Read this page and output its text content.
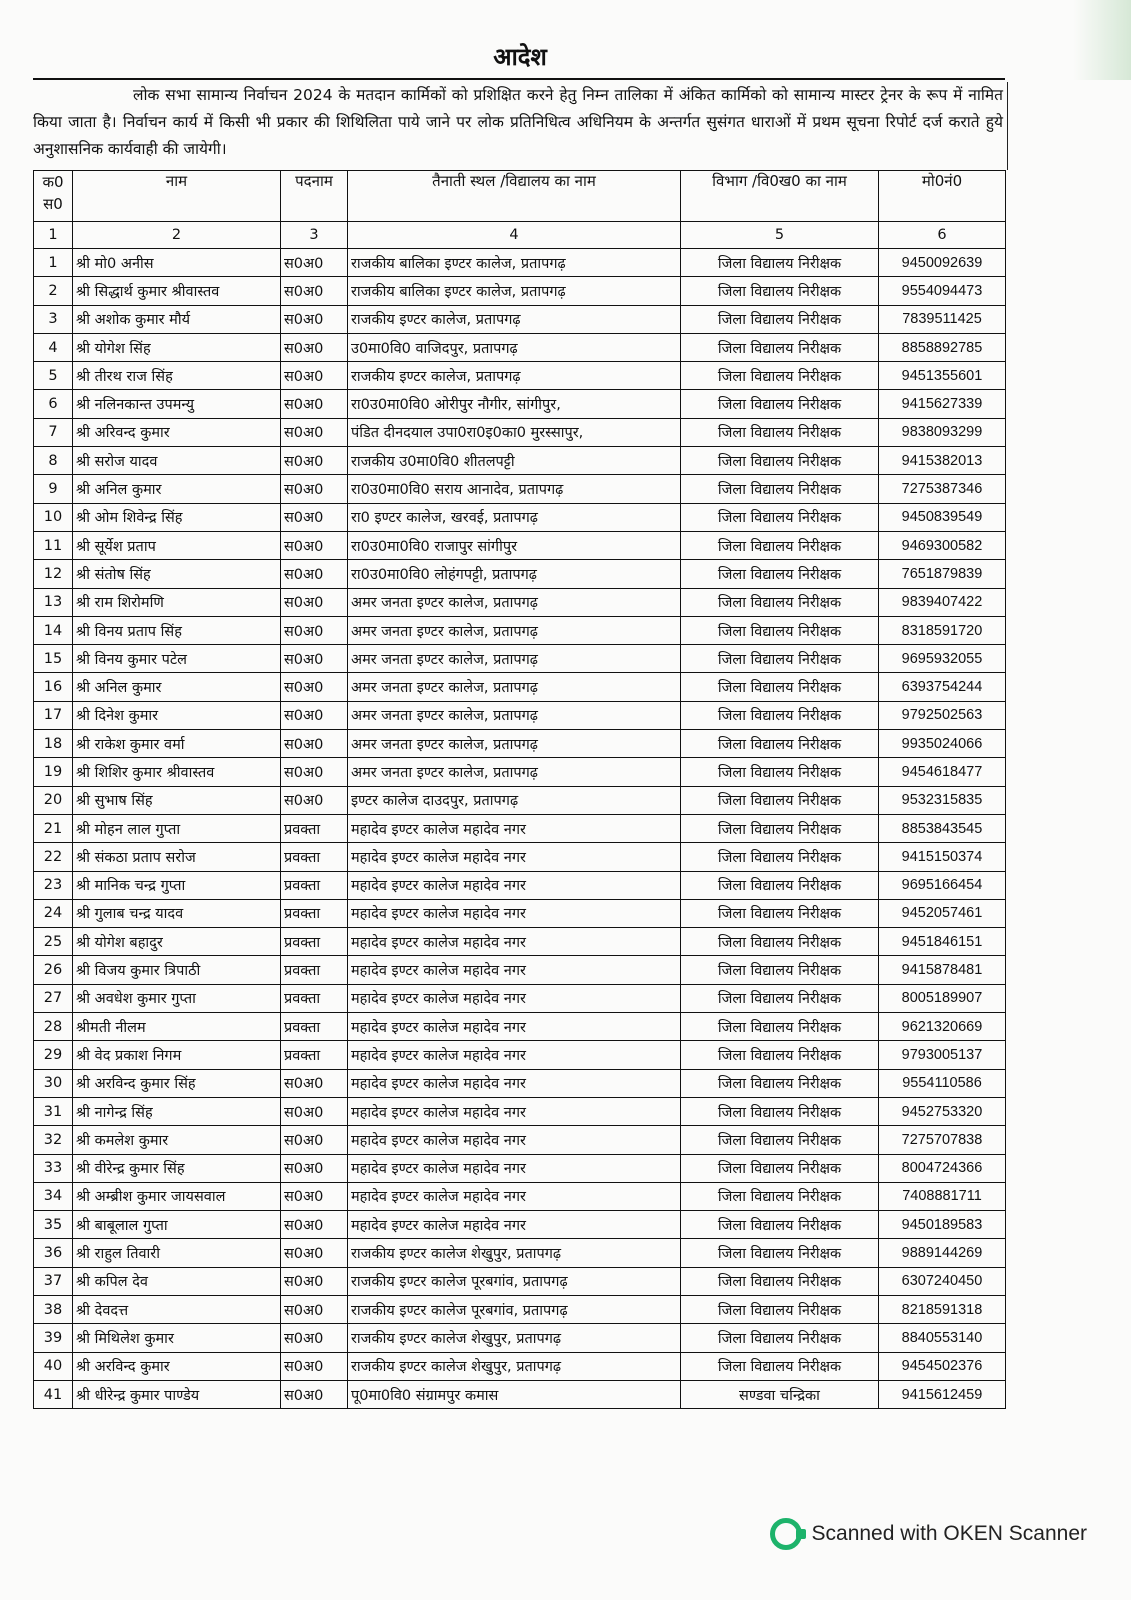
आदेश
लोक सभा सामान्य निर्वाचन 2024 के मतदान कार्मिकों को प्रशिक्षित करने हेतु निम्न तालिका में अंकित कार्मिको को सामान्य मास्टर ट्रेनर के रूप में नामित किया जाता है। निर्वाचन कार्य में किसी भी प्रकार की शिथिलिता पाये जाने पर लोक प्रतिनिधित्व अधिनियम के अन्तर्गत सुसंगत धाराओं में प्रथम सूचना रिपोर्ट दर्ज कराते हुये अनुशासनिक कार्यवाही की जायेगी।
क0 स0	नाम	पदनाम	तैनाती स्थल /विद्यालय का नाम	विभाग /वि0ख0 का नाम	मो0नं0
1	2	3	4	5	6
1	श्री मो0 अनीस	स0अ0	राजकीय बालिका इण्टर कालेज, प्रतापगढ़	जिला विद्यालय निरीक्षक	9450092639
2	श्री सिद्धार्थ कुमार श्रीवास्तव	स0अ0	राजकीय बालिका इण्टर कालेज, प्रतापगढ़	जिला विद्यालय निरीक्षक	9554094473
3	श्री अशोक कुमार मौर्य	स0अ0	राजकीय इण्टर कालेज, प्रतापगढ़	जिला विद्यालय निरीक्षक	7839511425
4	श्री योगेश सिंह	स0अ0	उ0मा0वि0 वाजिदपुर, प्रतापगढ़	जिला विद्यालय निरीक्षक	8858892785
5	श्री तीरथ राज सिंह	स0अ0	राजकीय इण्टर कालेज, प्रतापगढ़	जिला विद्यालय निरीक्षक	9451355601
6	श्री नलिनकान्त उपमन्यु	स0अ0	रा0उ0मा0वि0 ओरीपुर नौगीर, सांगीपुर,	जिला विद्यालय निरीक्षक	9415627339
7	श्री अरिवन्द कुमार	स0अ0	पंडित दीनदयाल उपा0रा0इ0का0 मुरस्सापुर,	जिला विद्यालय निरीक्षक	9838093299
8	श्री सरोज यादव	स0अ0	राजकीय उ0मा0वि0 शीतलपट्टी	जिला विद्यालय निरीक्षक	9415382013
9	श्री अनिल कुमार	स0अ0	रा0उ0मा0वि0 सराय आनादेव, प्रतापगढ़	जिला विद्यालय निरीक्षक	7275387346
10	श्री ओम शिवेन्द्र सिंह	स0अ0	रा0 इण्टर कालेज, खरवई, प्रतापगढ़	जिला विद्यालय निरीक्षक	9450839549
11	श्री सूर्येश प्रताप	स0अ0	रा0उ0मा0वि0 राजापुर सांगीपुर	जिला विद्यालय निरीक्षक	9469300582
12	श्री संतोष सिंह	स0अ0	रा0उ0मा0वि0 लोहंगपट्टी, प्रतापगढ़	जिला विद्यालय निरीक्षक	7651879839
13	श्री राम शिरोमणि	स0अ0	अमर जनता इण्टर कालेज, प्रतापगढ़	जिला विद्यालय निरीक्षक	9839407422
14	श्री विनय प्रताप सिंह	स0अ0	अमर जनता इण्टर कालेज, प्रतापगढ़	जिला विद्यालय निरीक्षक	8318591720
15	श्री विनय कुमार पटेल	स0अ0	अमर जनता इण्टर कालेज, प्रतापगढ़	जिला विद्यालय निरीक्षक	9695932055
16	श्री अनिल कुमार	स0अ0	अमर जनता इण्टर कालेज, प्रतापगढ़	जिला विद्यालय निरीक्षक	6393754244
17	श्री दिनेश कुमार	स0अ0	अमर जनता इण्टर कालेज, प्रतापगढ़	जिला विद्यालय निरीक्षक	9792502563
18	श्री राकेश कुमार वर्मा	स0अ0	अमर जनता इण्टर कालेज, प्रतापगढ़	जिला विद्यालय निरीक्षक	9935024066
19	श्री शिशिर कुमार श्रीवास्तव	स0अ0	अमर जनता इण्टर कालेज, प्रतापगढ़	जिला विद्यालय निरीक्षक	9454618477
20	श्री सुभाष सिंह	स0अ0	इण्टर कालेज दाउदपुर, प्रतापगढ़	जिला विद्यालय निरीक्षक	9532315835
21	श्री मोहन लाल गुप्ता	प्रवक्ता	महादेव इण्टर कालेज महादेव नगर	जिला विद्यालय निरीक्षक	8853843545
22	श्री संकठा प्रताप सरोज	प्रवक्ता	महादेव इण्टर कालेज महादेव नगर	जिला विद्यालय निरीक्षक	9415150374
23	श्री मानिक चन्द्र गुप्ता	प्रवक्ता	महादेव इण्टर कालेज महादेव नगर	जिला विद्यालय निरीक्षक	9695166454
24	श्री गुलाब चन्द्र यादव	प्रवक्ता	महादेव इण्टर कालेज महादेव नगर	जिला विद्यालय निरीक्षक	9452057461
25	श्री योगेश बहादुर	प्रवक्ता	महादेव इण्टर कालेज महादेव नगर	जिला विद्यालय निरीक्षक	9451846151
26	श्री विजय कुमार त्रिपाठी	प्रवक्ता	महादेव इण्टर कालेज महादेव नगर	जिला विद्यालय निरीक्षक	9415878481
27	श्री अवधेश कुमार गुप्ता	प्रवक्ता	महादेव इण्टर कालेज महादेव नगर	जिला विद्यालय निरीक्षक	8005189907
28	श्रीमती नीलम	प्रवक्ता	महादेव इण्टर कालेज महादेव नगर	जिला विद्यालय निरीक्षक	9621320669
29	श्री वेद प्रकाश निगम	प्रवक्ता	महादेव इण्टर कालेज महादेव नगर	जिला विद्यालय निरीक्षक	9793005137
30	श्री अरविन्द कुमार सिंह	स0अ0	महादेव इण्टर कालेज महादेव नगर	जिला विद्यालय निरीक्षक	9554110586
31	श्री नागेन्द्र सिंह	स0अ0	महादेव इण्टर कालेज महादेव नगर	जिला विद्यालय निरीक्षक	9452753320
32	श्री कमलेश कुमार	स0अ0	महादेव इण्टर कालेज महादेव नगर	जिला विद्यालय निरीक्षक	7275707838
33	श्री वीरेन्द्र कुमार सिंह	स0अ0	महादेव इण्टर कालेज महादेव नगर	जिला विद्यालय निरीक्षक	8004724366
34	श्री अम्ब्रीश कुमार जायसवाल	स0अ0	महादेव इण्टर कालेज महादेव नगर	जिला विद्यालय निरीक्षक	7408881711
35	श्री बाबूलाल गुप्ता	स0अ0	महादेव इण्टर कालेज महादेव नगर	जिला विद्यालय निरीक्षक	9450189583
36	श्री राहुल तिवारी	स0अ0	राजकीय इण्टर कालेज शेखुपुर, प्रतापगढ़	जिला विद्यालय निरीक्षक	9889144269
37	श्री कपिल देव	स0अ0	राजकीय इण्टर कालेज पूरबगांव, प्रतापगढ़	जिला विद्यालय निरीक्षक	6307240450
38	श्री देवदत्त	स0अ0	राजकीय इण्टर कालेज पूरबगांव, प्रतापगढ़	जिला विद्यालय निरीक्षक	8218591318
39	श्री मिथिलेश कुमार	स0अ0	राजकीय इण्टर कालेज शेखुपुर, प्रतापगढ़	जिला विद्यालय निरीक्षक	8840553140
40	श्री अरविन्द कुमार	स0अ0	राजकीय इण्टर कालेज शेखुपुर, प्रतापगढ़	जिला विद्यालय निरीक्षक	9454502376
41	श्री धीरेन्द्र कुमार पाण्डेय	स0अ0	पू0मा0वि0 संग्रामपुर कमास	सण्डवा चन्द्रिका	9415612459
Scanned with OKEN Scanner
